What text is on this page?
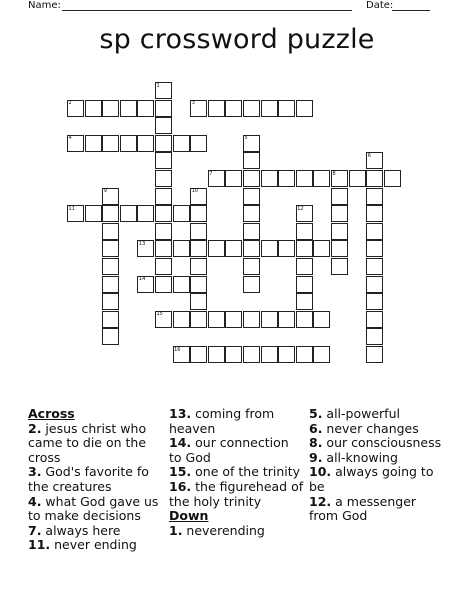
Name:	Date:
sp crossword puzzle
1
2	3
4	5
6
7	8
9	10
11	12
13
14
15
16
Across
2. jesus christ who came to die on the cross
3. God's favorite fo the creatures
4. what God gave us to make decisions
7. always here
11. never ending
13. coming from heaven
14. our connection to God
15. one of the trinity
16. the figurehead of the holy trinity
Down
1. neverending
5. all-powerful
6. never changes
8. our consciousness
9. all-knowing
10. always going to be
12. a messenger from God
